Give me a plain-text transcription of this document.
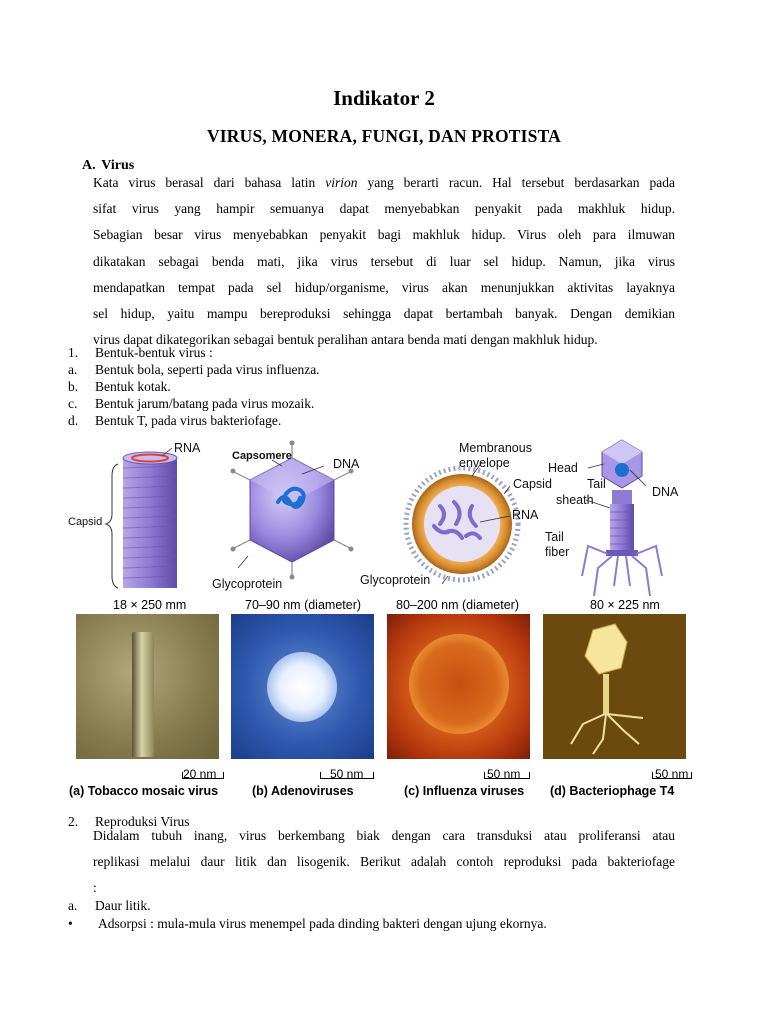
Indikator 2
VIRUS, MONERA, FUNGI, DAN PROTISTA
A. Virus
Kata virus berasal dari bahasa latin virion yang berarti racun. Hal tersebut berdasarkan pada
sifat virus yang hampir semuanya dapat menyebabkan penyakit pada makhluk hidup.
Sebagian besar virus menyebabkan penyakit bagi makhluk hidup. Virus oleh para ilmuwan
dikatakan sebagai benda mati, jika virus tersebut di luar sel hidup. Namun, jika virus
mendapatkan tempat pada sel hidup/organisme, virus akan menunjukkan aktivitas layaknya
sel hidup, yaitu mampu bereproduksi sehingga dapat bertambah banyak. Dengan demikian
virus dapat dikategorikan sebagai bentuk peralihan antara benda mati dengan makhluk hidup.
1. Bentuk-bentuk virus :
a. Bentuk bola, seperti pada virus influenza.
b. Bentuk kotak.
c. Bentuk jarum/batang pada virus mozaik.
d. Bentuk T, pada virus bakteriofage.
RNA
Capsid
Capsomere
DNA
Glycoprotein
Membranous
envelope
Capsid
RNA
Glycoprotein
Head
DNA
Tail
sheath
Tail
fiber
18 × 250 mm	70–90 nm (diameter)	80–200 nm (diameter)	80 × 225 nm
20 nm	50 nm	50 nm	50 nm
(a) Tobacco mosaic virus	(b) Adenoviruses	(c) Influenza viruses (d) Bacteriophage T4
2. Reproduksi Virus
Didalam tubuh inang, virus berkembang biak dengan cara transduksi atau proliferansi atau
replikasi melalui daur litik dan lisogenik. Berikut adalah contoh reproduksi pada bakteriofage
:
a. Daur litik.
• Adsorpsi : mula-mula virus menempel pada dinding bakteri dengan ujung ekornya.
